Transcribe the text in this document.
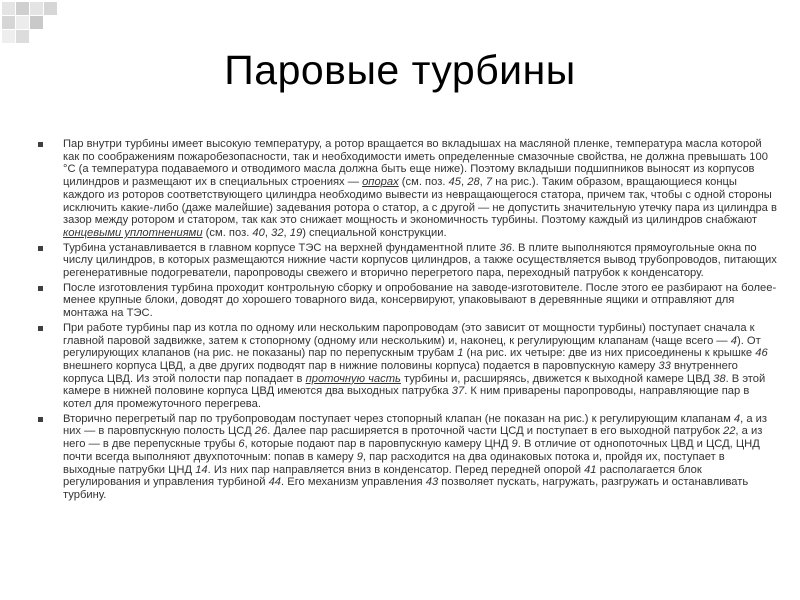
Паровые турбины
Пар внутри турбины имеет высокую температуру, а ротор вращается во вкладышах на масляной пленке, температура масла которой как по соображениям пожаробезопасности, так и необходимости иметь определенные смазочные свойства, не должна превышать 100 °С (а температура подаваемого и отводимого масла должна быть еще ниже). Поэтому вкладыши подшипников выносят из корпусов цилиндров и размещают их в специальных строениях — опорах (см. поз. 45, 28, 7 на рис.). Таким образом, вращающиеся концы каждого из роторов соответствующего цилиндра необходимо вывести из невращающегося статора, причем так, чтобы с одной стороны исключить какие-либо (даже малейшие) задевания ротора о статор, а с другой — не допустить значительную утечку пара из цилиндра в зазор между ротором и статором, так как это снижает мощность и экономичность турбины. Поэтому каждый из цилиндров снабжают концевыми уплотнениями (см. поз. 40, 32, 19) специальной конструкции.
Турбина устанавливается в главном корпусе ТЭС на верхней фундаментной плите 36. В плите выполняются прямоугольные окна по числу цилиндров, в которых размещаются нижние части корпусов цилиндров, а также осуществляется вывод трубопроводов, питающих регенеративные подогреватели, паропроводы свежего и вторично перегретого пара, переходный патрубок к конденсатору.
После изготовления турбина проходит контрольную сборку и опробование на заводе-изготовителе. После этого ее разбирают на более-менее крупные блоки, доводят до хорошего товарного вида, консервируют, упаковывают в деревянные ящики и отправляют для монтажа на ТЭС.
При работе турбины пар из котла по одному или нескольким паропроводам (это зависит от мощности турбины) поступает сначала к главной паровой задвижке, затем к стопорному (одному или нескольким) и, наконец, к регулирующим клапанам (чаще всего — 4). От регулирующих клапанов (на рис. не показаны) пар по перепускным трубам 1 (на рис. их четыре: две из них присоединены к крышке 46 внешнего корпуса ЦВД, а две других подводят пар в нижние половины корпуса) подается в паровпускную камеру 33 внутреннего корпуса ЦВД. Из этой полости пар попадает в проточную часть турбины и, расширяясь, движется к выходной камере ЦВД 38. В этой камере в нижней половине корпуса ЦВД имеются два выходных патрубка 37. К ним приварены паропроводы, направляющие пар в котел для промежуточного перегрева.
Вторично перегретый пар по трубопроводам поступает через стопорный клапан (не показан на рис.) к регулирующим клапанам 4, а из них — в паровпускную полость ЦСД 26. Далее пар расширяется в проточной части ЦСД и поступает в его выходной патрубок 22, а из него — в две перепускные трубы 6, которые подают пар в паровпускную камеру ЦНД 9. В отличие от однопоточных ЦВД и ЦСД, ЦНД почти всегда выполняют двухпоточным: попав в камеру 9, пар расходится на два одинаковых потока и, пройдя их, поступает в выходные патрубки ЦНД 14. Из них пар направляется вниз в конденсатор. Перед передней опорой 41 располагается блок регулирования и управления турбиной 44. Его механизм управления 43 позволяет пускать, нагружать, разгружать и останавливать турбину.
